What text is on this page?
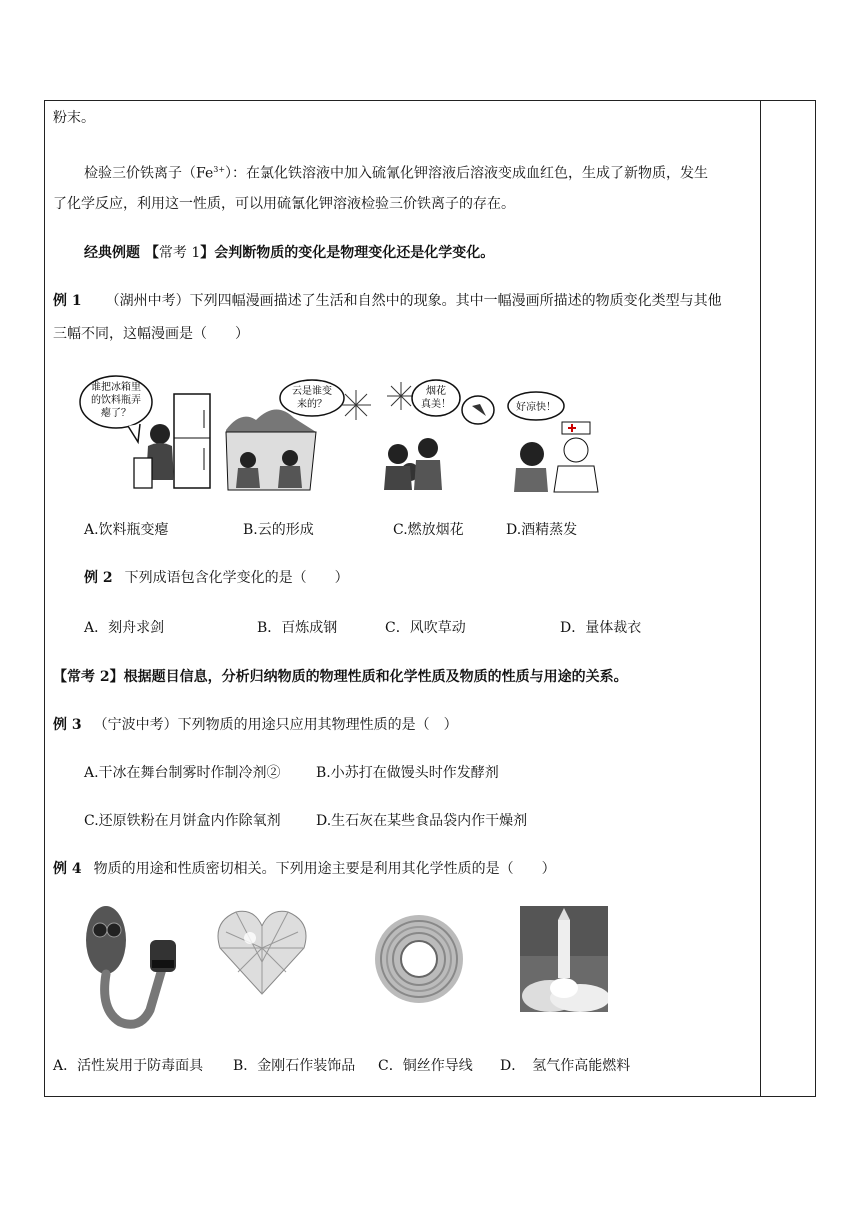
粉末。
检验三价铁离子$(Fe^{3+})$：在氯化铁溶液中加入硫氰化钾溶液后溶液变成血红色，生成了新物质，发生
了化学反应，利用这一性质，可以用硫氰化钾溶液检验三价铁离子的存在。
经典例题 【常考 1】会判断物质的变化是物理变化还是化学变化。
例 1 （湖州中考）下列四幅漫画描述了生活和自然中的现象。其中一幅漫画所描述的物质变化类型与其他
三幅不同，这幅漫画是（　　）
谁把冰箱里
的饮料瓶弄
瘪了？
云是谁变
来的？
烟花
真美！	好凉快！
A.饮料瓶变瘪	B.云的形成	C.燃放烟花	D.酒精蒸发
例 2 下列成语包含化学变化的是（　　）
A．刻舟求剑	B．百炼成钢	C．风吹草动	D．量体裁衣
【常考 2】根据题目信息，分析归纳物质的物理性质和化学性质及物质的性质与用途的关系。
例 3 （宁波中考）下列物质的用途只应用其物理性质的是（　）
A.干冰在舞台制雾时作制冷剂②	B.小苏打在做馒头时作发酵剂
C.还原铁粉在月饼盒内作除氧剂	D.生石灰在某些食品袋内作干燥剂
例 4 物质的用途和性质密切相关。下列用途主要是利用其化学性质的是（　　）
A．活性炭用于防毒面具 B．金刚石作装饰品 C．铜丝作导线 D．　氢气作高能燃料
